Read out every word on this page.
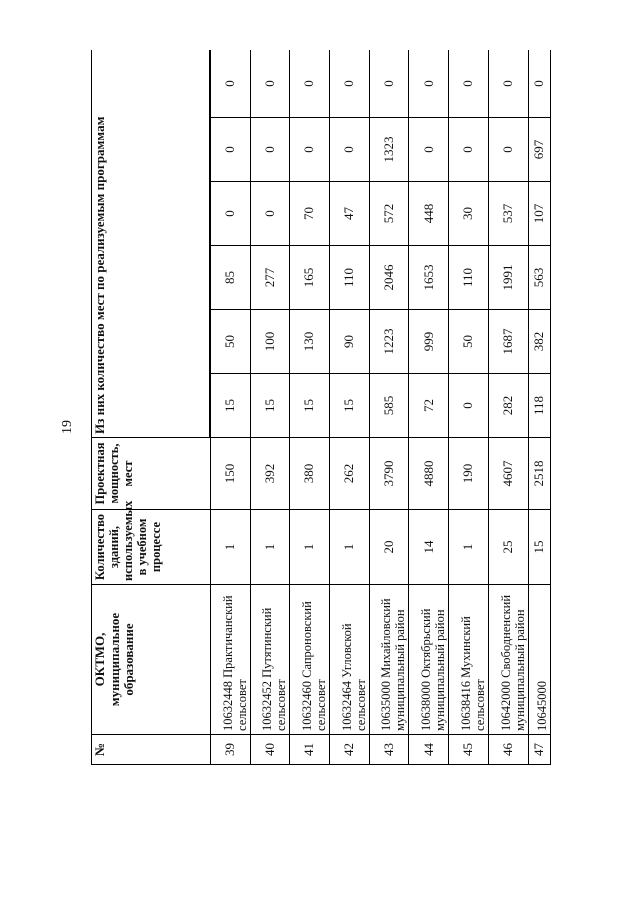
19
№	ОКТМО, муниципальное образование	Количество зданий, используемых в учебном процессе	Проектная мощность, мест	Из них количество мест по реализуемым программам					

39	10632448 Практичанский сельсовет	1	150	15	50	85	0	0	0
40	10632452 Путятинский сельсовет	1	392	15	100	277	0	0	0
41	10632460 Сапроновский сельсовет	1	380	15	130	165	70	0	0
42	10632464 Угловской сельсовет	1	262	15	90	110	47	0	0
43	10635000 Михайловский муниципальный район	20	3790	585	1223	2046	572	1323	0
44	10638000 Октябрьский муниципальный район	14	4880	72	999	1653	448	0	0
45	10638416 Мухинский сельсовет	1	190	0	50	110	30	0	0
46	10642000 Свободненский муниципальный район	25	4607	282	1687	1991	537	0	0
47	10645000	15	2518	118	382	563	107	697	0
